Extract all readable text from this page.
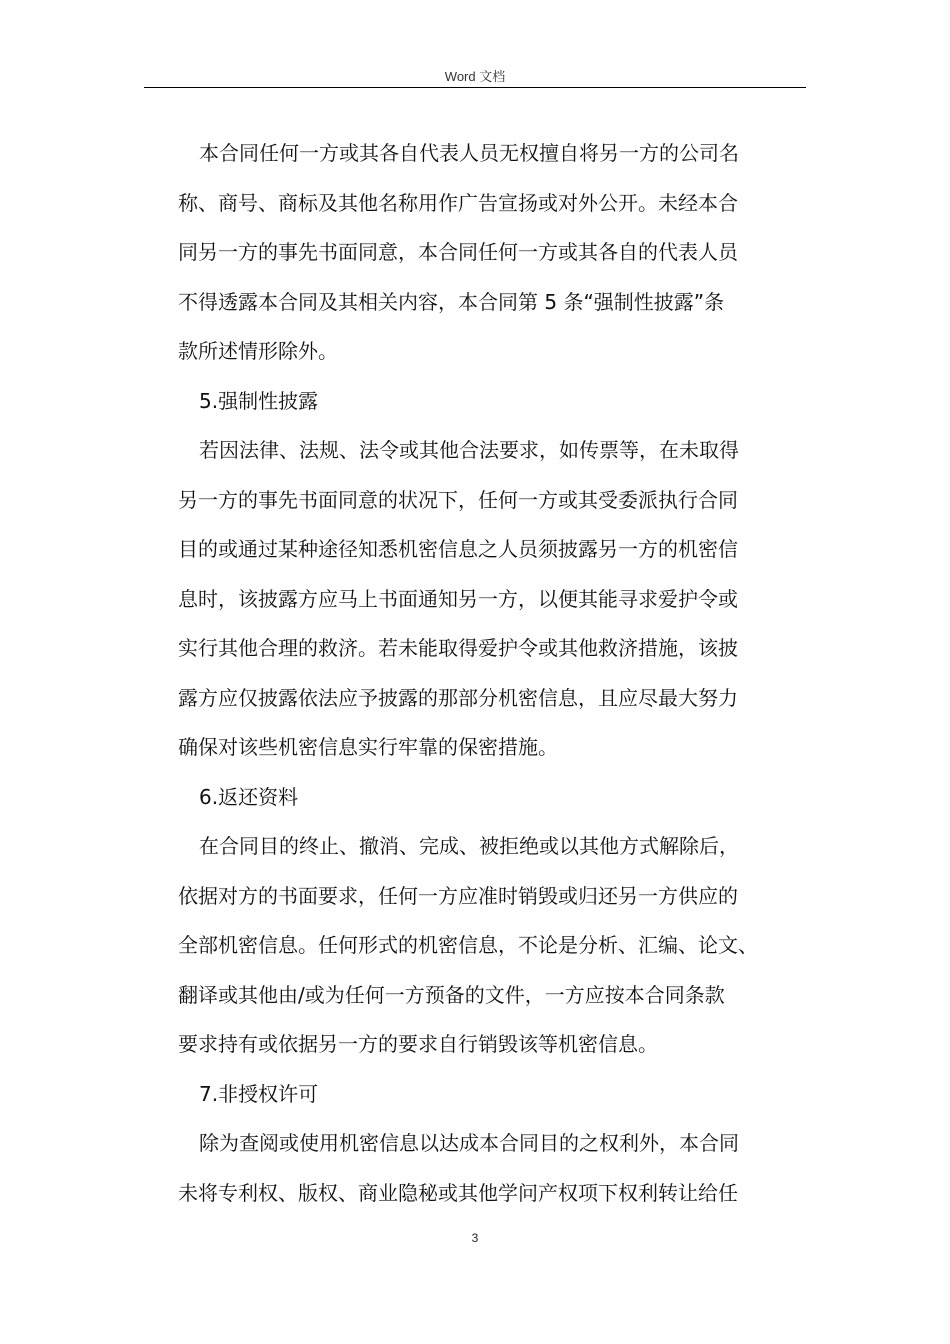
Word 文档
本合同任何一方或其各自代表人员无权擅自将另一方的公司名
称、商号、商标及其他名称用作广告宣扬或对外公开。未经本合
同另一方的事先书面同意，本合同任何一方或其各自的代表人员
不得透露本合同及其相关内容，本合同第 5 条“强制性披露”条
款所述情形除外。
5.强制性披露
若因法律、法规、法令或其他合法要求，如传票等，在未取得
另一方的事先书面同意的状况下，任何一方或其受委派执行合同
目的或通过某种途径知悉机密信息之人员须披露另一方的机密信
息时，该披露方应马上书面通知另一方，以便其能寻求爱护令或
实行其他合理的救济。若未能取得爱护令或其他救济措施，该披
露方应仅披露依法应予披露的那部分机密信息，且应尽最大努力
确保对该些机密信息实行牢靠的保密措施。
6.返还资料
在合同目的终止、撤消、完成、被拒绝或以其他方式解除后，
依据对方的书面要求，任何一方应准时销毁或归还另一方供应的
全部机密信息。任何形式的机密信息，不论是分析、汇编、论文、
翻译或其他由/或为任何一方预备的文件，一方应按本合同条款
要求持有或依据另一方的要求自行销毁该等机密信息。
7.非授权许可
除为查阅或使用机密信息以达成本合同目的之权利外，本合同
未将专利权、版权、商业隐秘或其他学问产权项下权利转让给任
3
